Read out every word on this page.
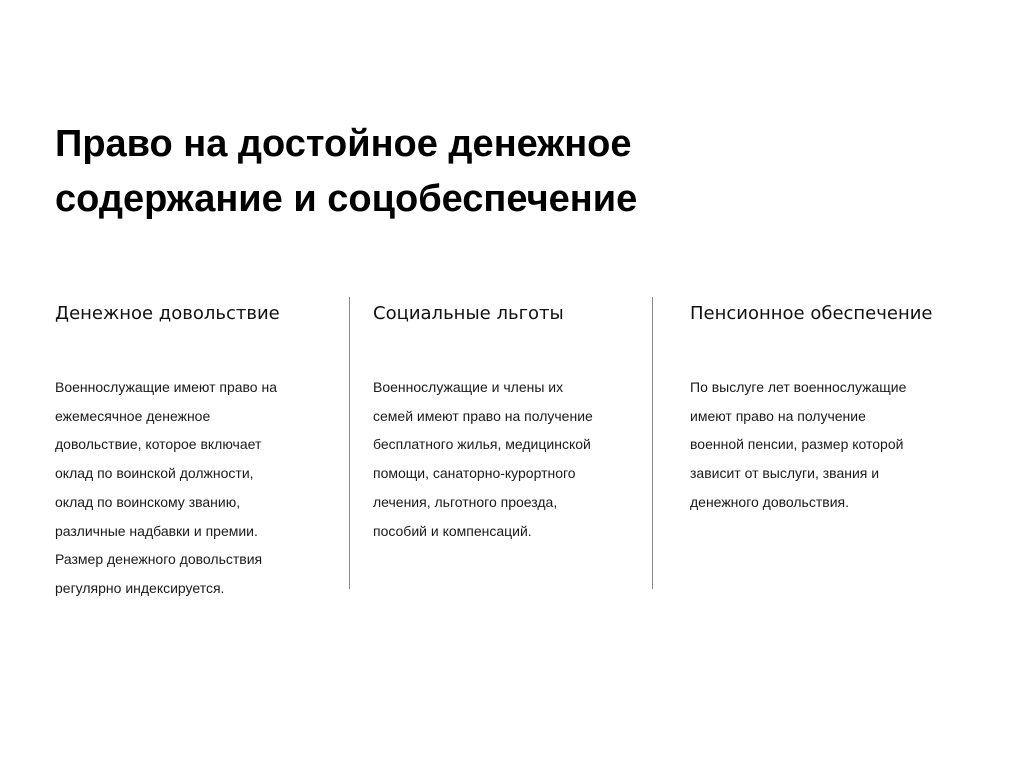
Право на достойное денежное
содержание и соцобеспечение
Денежное довольствие
Военнослужащие имеют право на
ежемесячное денежное
довольствие, которое включает
оклад по воинской должности,
оклад по воинскому званию,
различные надбавки и премии.
Размер денежного довольствия
регулярно индексируется.
Социальные льготы
Военнослужащие и члены их
семей имеют право на получение
бесплатного жилья, медицинской
помощи, санаторно-курортного
лечения, льготного проезда,
пособий и компенсаций.
Пенсионное обеспечение
По выслуге лет военнослужащие
имеют право на получение
военной пенсии, размер которой
зависит от выслуги, звания и
денежного довольствия.
